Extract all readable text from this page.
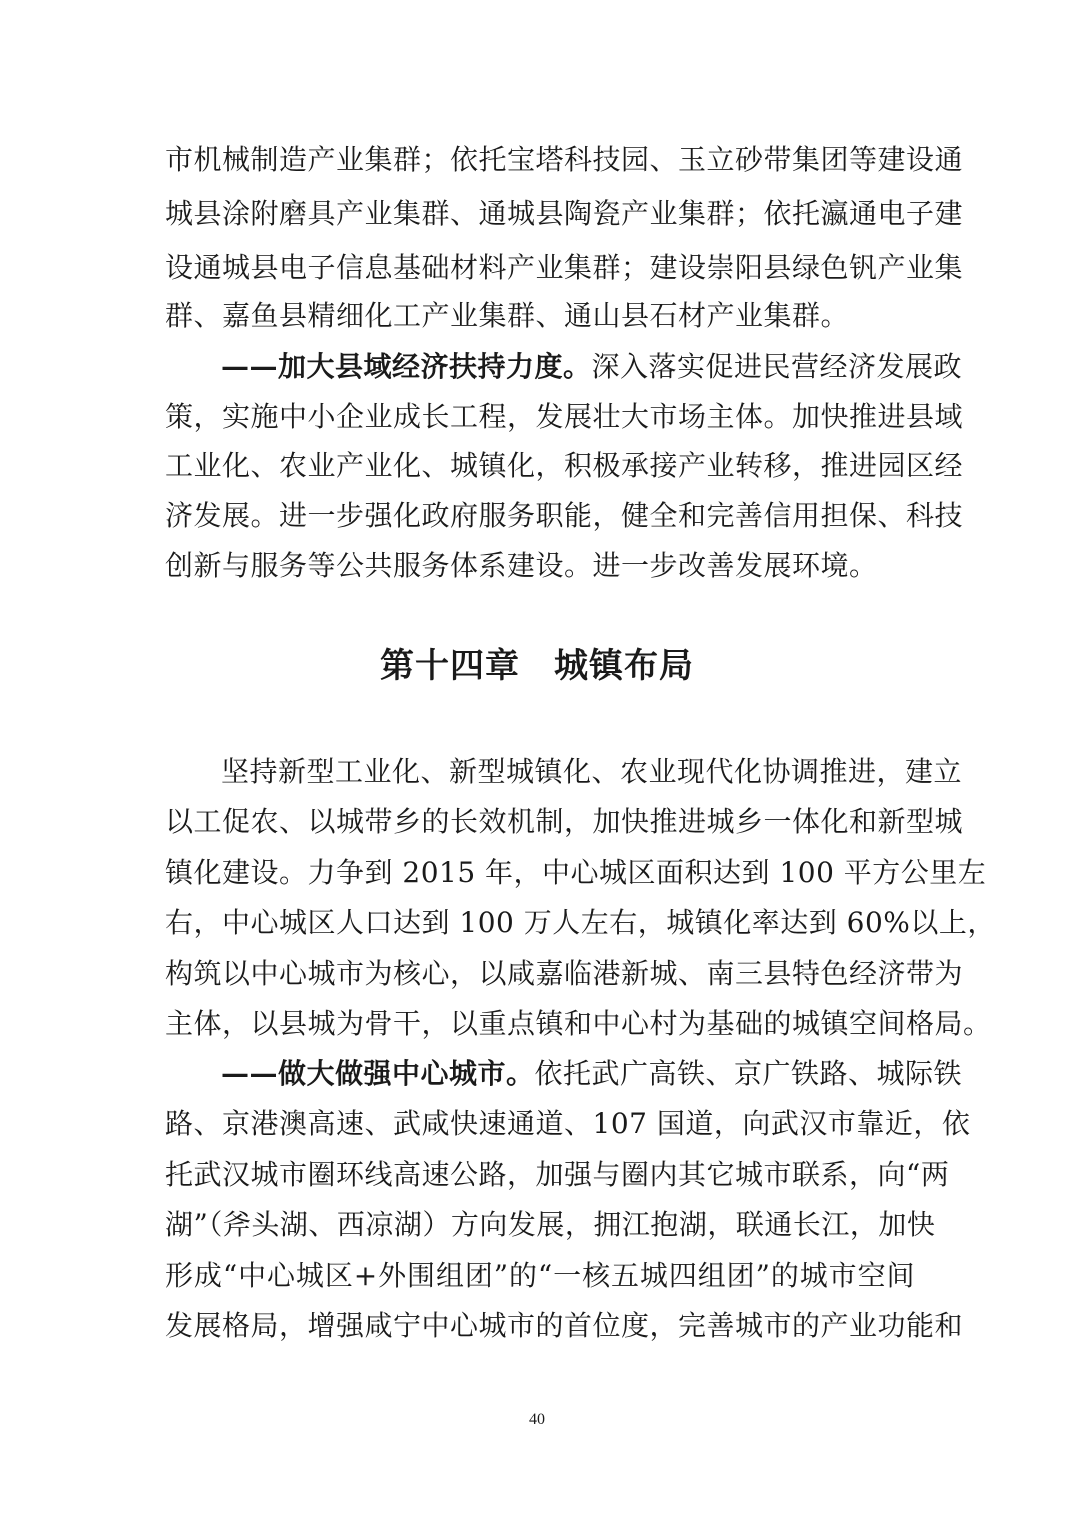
市机械制造产业集群；依托宝塔科技园、玉立砂带集团等建设通
城县涂附磨具产业集群、通城县陶瓷产业集群；依托瀛通电子建
设通城县电子信息基础材料产业集群；建设崇阳县绿色钒产业集
群、嘉鱼县精细化工产业集群、通山县石材产业集群。
——加大县域经济扶持力度。深入落实促进民营经济发展政
策，实施中小企业成长工程，发展壮大市场主体。加快推进县域
工业化、农业产业化、城镇化，积极承接产业转移，推进园区经
济发展。进一步强化政府服务职能，健全和完善信用担保、科技
创新与服务等公共服务体系建设。进一步改善发展环境。
第十四章 城镇布局
坚持新型工业化、新型城镇化、农业现代化协调推进，建立
以工促农、以城带乡的长效机制，加快推进城乡一体化和新型城
镇化建设。力争到 2015 年，中心城区面积达到 100 平方公里左
右，中心城区人口达到 100 万人左右，城镇化率达到 60%以上，
构筑以中心城市为核心，以咸嘉临港新城、南三县特色经济带为
主体，以县城为骨干，以重点镇和中心村为基础的城镇空间格局。
——做大做强中心城市。依托武广高铁、京广铁路、城际铁
路、京港澳高速、武咸快速通道、107 国道，向武汉市靠近，依
托武汉城市圈环线高速公路，加强与圈内其它城市联系，向“两
湖”（斧头湖、西凉湖）方向发展，拥江抱湖，联通长江，加快
形成“中心城区+外围组团”的“一核五城四组团”的城市空间
发展格局，增强咸宁中心城市的首位度，完善城市的产业功能和
40
